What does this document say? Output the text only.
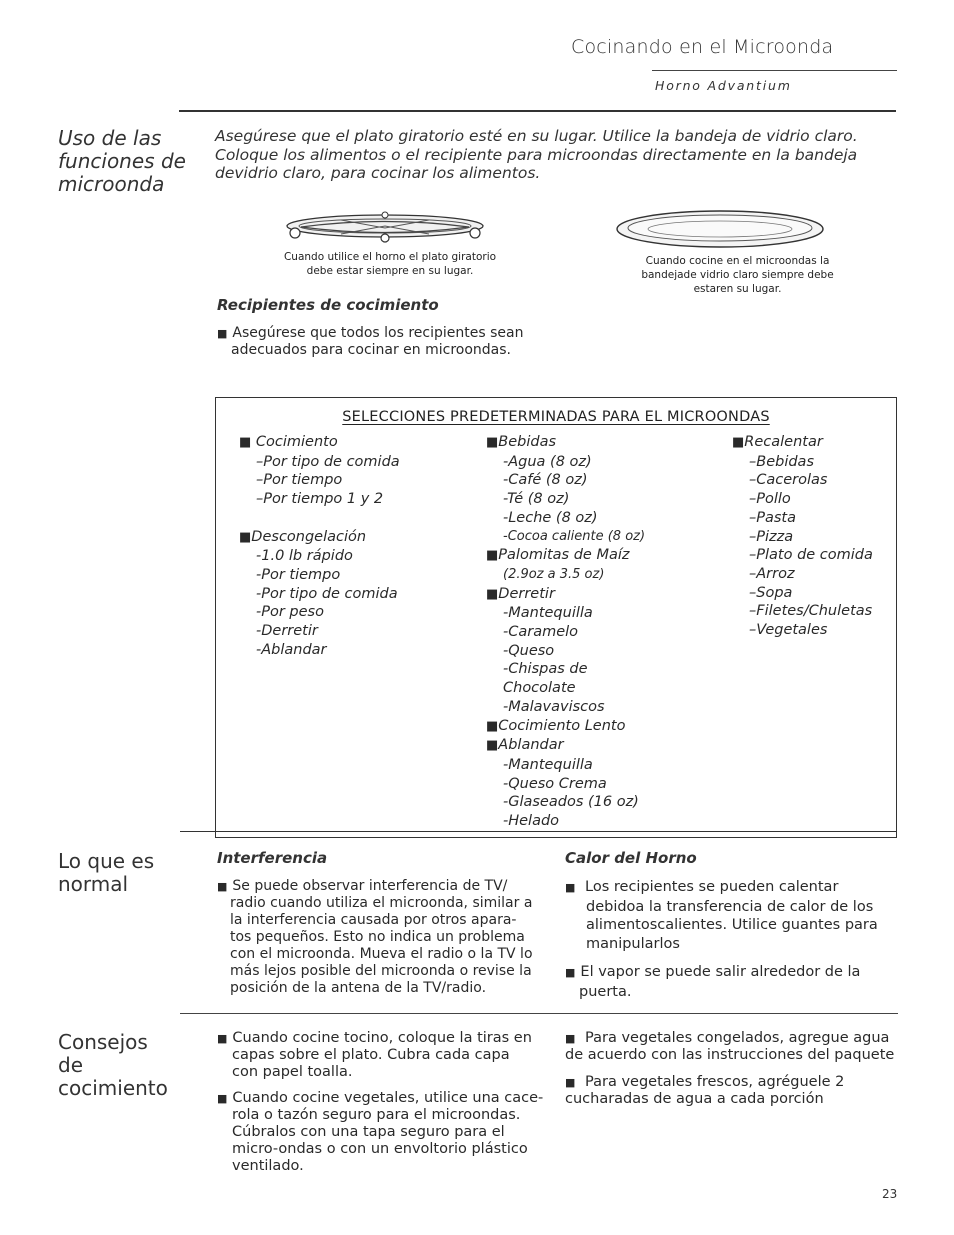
Cocinando en el Microonda
Horno Advantium
Uso de las
funciones de
microonda
Asegúrese que el plato giratorio esté en su lugar. Utilice la bandeja de vidrio claro.
Coloque los alimentos o el recipiente para microondas directamente en la bandeja
devidrio claro, para cocinar los alimentos.
Cuando utilice el horno el plato giratorio
debe estar siempre en su lugar.
Cuando cocine en el microondas la
bandejade vidrio claro siempre debe
estaren su lugar.
Recipientes de cocimiento
■ Asegúrese que todos los recipientes sean
adecuados para cocinar en microondas.
SELECCIONES PREDETERMINADAS PARA EL MICROONDAS
■ Cocimiento
–Por tipo de comida
–Por tiempo
–Por tiempo 1 y 2
■Descongelación
-1.0 lb rápido
-Por tiempo
-Por tipo de comida
-Por peso
-Derretir
-Ablandar
■Bebidas
-Agua (8 oz)
-Café (8 oz)
-Té (8 oz)
-Leche (8 oz)
-Cocoa caliente (8 oz)
■Palomitas de Maíz
(2.9oz a 3.5 oz)
■Derretir
-Mantequilla
-Caramelo
-Queso
-Chispas de
Chocolate
-Malavaviscos
■Cocimiento Lento
■Ablandar
-Mantequilla
-Queso Crema
-Glaseados (16 oz)
-Helado
■Recalentar
–Bebidas
–Cacerolas
–Pollo
–Pasta
–Pizza
–Plato de comida
–Arroz
–Sopa
–Filetes/Chuletas
–Vegetales
Lo que es
normal
Interferencia
■ Se puede observar interferencia de TV/
radio cuando utiliza el microonda, similar a
la interferencia causada por otros apara-
tos pequeños. Esto no indica un problema
con el microonda. Mueva el radio o la TV lo
más lejos posible del microonda o revise la
posición de la antena de la TV/radio.
Calor del Horno
■ Los recipientes se pueden calentar
debidoa la transferencia de calor de los
alimentoscalientes. Utilice guantes para
manipularlos
■ El vapor se puede salir alrededor de la
puerta.
Consejos
de
cocimiento
■ Cuando cocine tocino, coloque la tiras en
capas sobre el plato. Cubra cada capa
con papel toalla.
■ Cuando cocine vegetales, utilice una cace-
rola o tazón seguro para el microondas.
Cúbralos con una tapa seguro para el
micro-ondas o con un envoltorio plástico
ventilado.
■ Para vegetales congelados, agregue agua
de acuerdo con las instrucciones del paquete
■ Para vegetales frescos, agréguele 2
cucharadas de agua a cada porción
23
